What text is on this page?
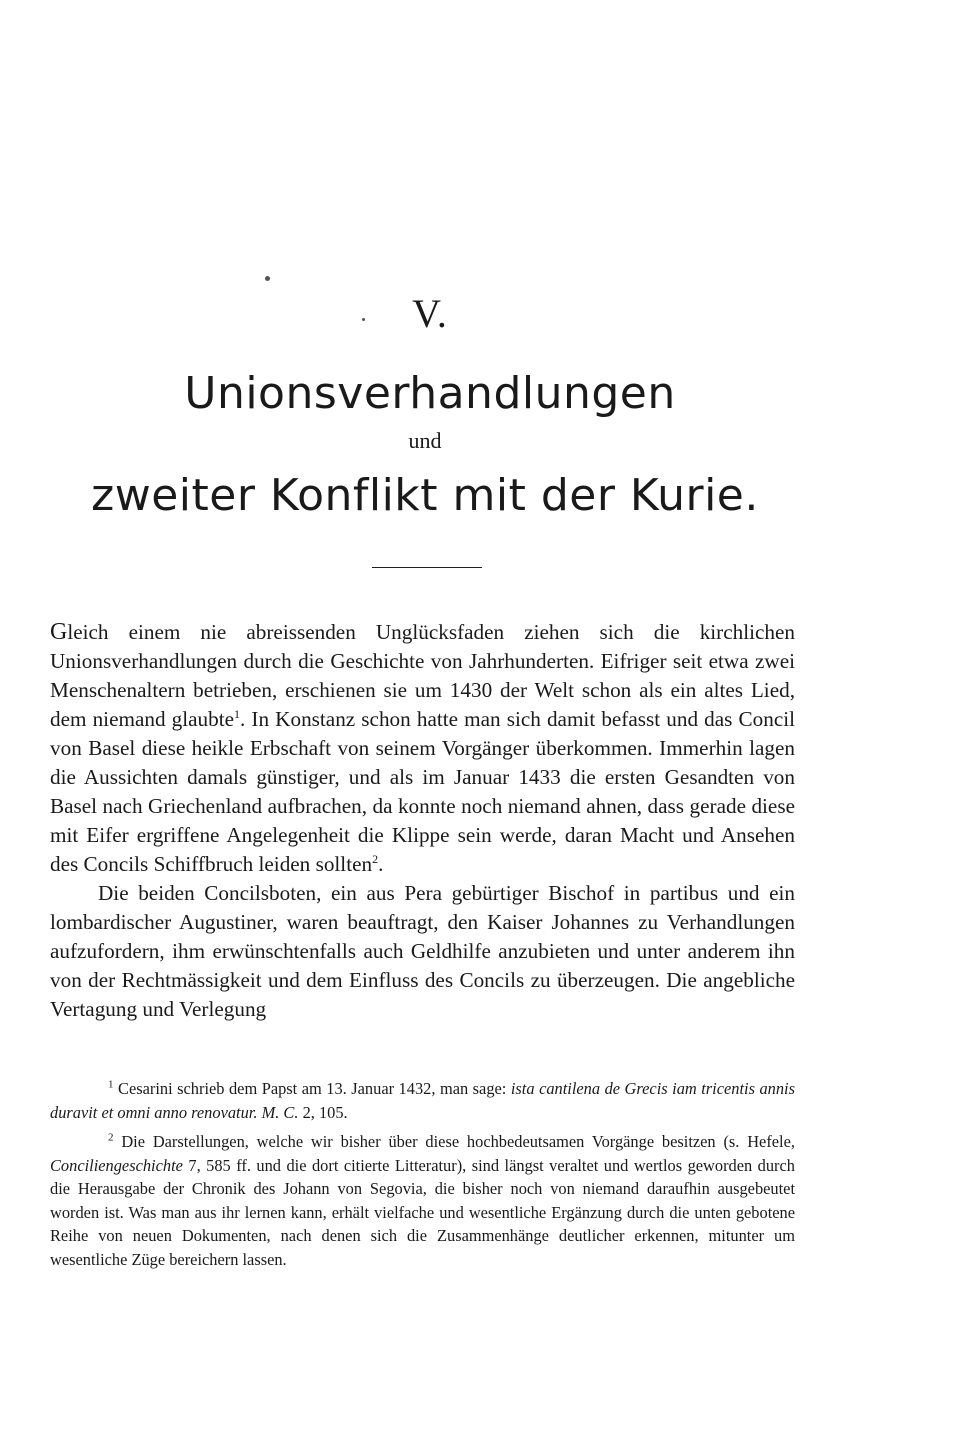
V.
Unionsverhandlungen
und
zweiter Konflikt mit der Kurie.

Gleich einem nie abreissenden Unglücksfaden ziehen sich die kirchlichen Unionsverhandlungen durch die Geschichte von Jahrhunderten. Eifriger seit etwa zwei Menschenaltern betrieben, erschienen sie um 1430 der Welt schon als ein altes Lied, dem niemand glaubte$^1$. In Konstanz schon hatte man sich damit befasst und das Concil von Basel diese heikle Erbschaft von seinem Vorgänger überkommen. Immerhin lagen die Aussichten damals günstiger, und als im Januar 1433 die ersten Gesandten von Basel nach Griechenland aufbrachen, da konnte noch niemand ahnen, dass gerade diese mit Eifer ergriffene Angelegenheit die Klippe sein werde, daran Macht und Ansehen des Concils Schiffbruch leiden sollten$^2$.

Die beiden Concilsboten, ein aus Pera gebürtiger Bischof in partibus und ein lombardischer Augustiner, waren beauftragt, den Kaiser Johannes zu Verhandlungen aufzufordern, ihm erwünschtenfalls auch Geldhilfe anzubieten und unter anderem ihn von der Rechtmässigkeit und dem Einfluss des Concils zu überzeugen. Die angebliche Vertagung und Verlegung

$^1$ Cesarini schrieb dem Papst am 13. Januar 1432, man sage: ista cantilena de Grecis iam tricentis annis duravit et omni anno renovatur. M. C. 2, 105.

$^2$ Die Darstellungen, welche wir bisher über diese hochbedeutsamen Vorgänge besitzen (s. Hefele, Conciliengeschichte 7, 585 ff. und die dort citierte Litteratur), sind längst veraltet und wertlos geworden durch die Herausgabe der Chronik des Johann von Segovia, die bisher noch von niemand daraufhin ausgebeutet worden ist. Was man aus ihr lernen kann, erhält vielfache und wesentliche Ergänzung durch die unten gebotene Reihe von neuen Dokumenten, nach denen sich die Zusammenhänge deutlicher erkennen, mitunter um wesentliche Züge bereichern lassen.
